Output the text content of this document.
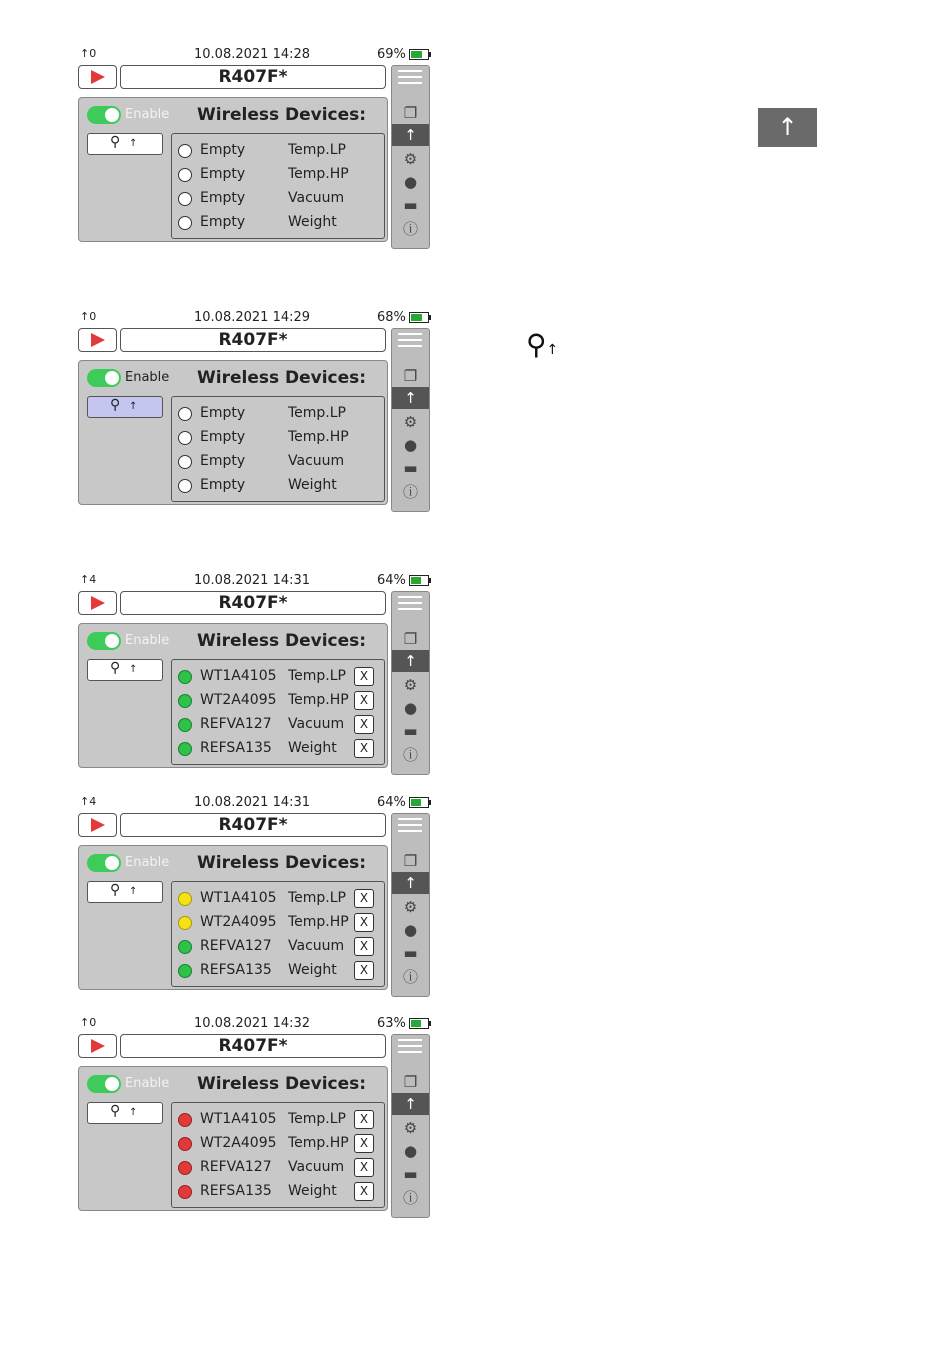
↑0	10.08.2021 14:28	69%
R407F*
❐
↑
⚙
●
▬
ⓘ
Enable Wireless Devices:
⚲ ↑	Empty	Temp.LP
Empty	Temp.HP
Empty	Vacuum
Empty	Weight
↑0	10.08.2021 14:29	68%
R407F*
❐
↑
⚙
●
▬
ⓘ
Enable Wireless Devices:
⚲ ↑	Empty	Temp.LP
Empty	Temp.HP
Empty	Vacuum
Empty	Weight
↑4	10.08.2021 14:31	64%
R407F*
❐
↑
⚙
●
▬
ⓘ
Enable Wireless Devices:
⚲ ↑	WT1A4105 Temp.LP	X
WT2A4095 Temp.HP X
REFVA127 Vacuum	X
REFSA135 Weight	X
↑4	10.08.2021 14:31	64%
R407F*
❐
↑
⚙
●
▬
ⓘ
Enable Wireless Devices:
⚲ ↑	WT1A4105 Temp.LP	X
WT2A4095 Temp.HP X
REFVA127 Vacuum	X
REFSA135 Weight	X
↑0	10.08.2021 14:32	63%
R407F*
❐
↑
⚙
●
▬
ⓘ
Enable Wireless Devices:
⚲ ↑	WT1A4105 Temp.LP	X
WT2A4095 Temp.HP X
REFVA127 Vacuum	X
REFSA135 Weight	X
↑
⚲↑
